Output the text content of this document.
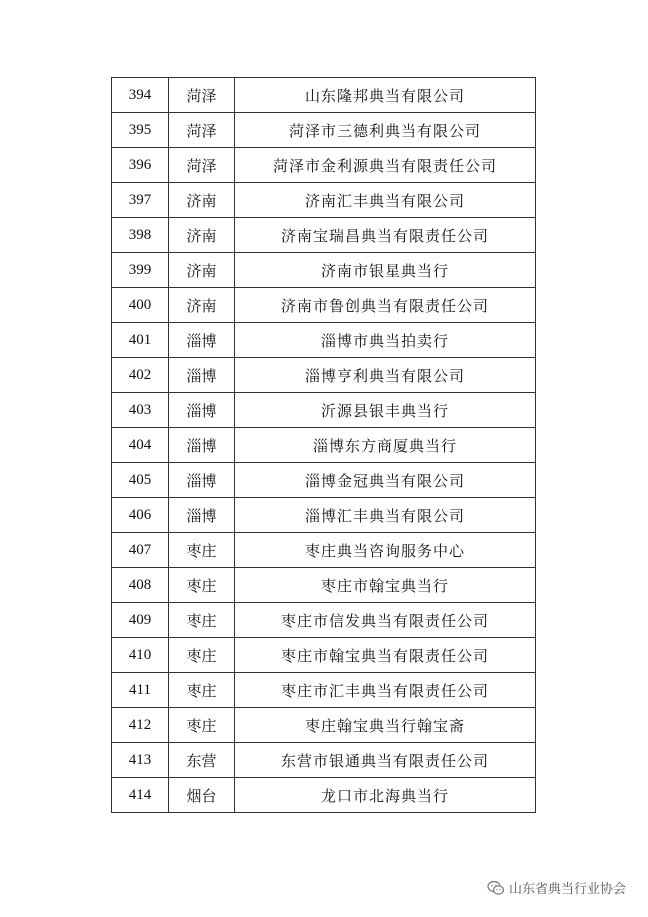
394	菏泽	山东隆邦典当有限公司
395	菏泽	菏泽市三德利典当有限公司
396	菏泽	菏泽市金利源典当有限责任公司
397	济南	济南汇丰典当有限公司
398	济南	济南宝瑞昌典当有限责任公司
399	济南	济南市银星典当行
400	济南	济南市鲁创典当有限责任公司
401	淄博	淄博市典当拍卖行
402	淄博	淄博亨利典当有限公司
403	淄博	沂源县银丰典当行
404	淄博	淄博东方商厦典当行
405	淄博	淄博金冠典当有限公司
406	淄博	淄博汇丰典当有限公司
407	枣庄	枣庄典当咨询服务中心
408	枣庄	枣庄市翰宝典当行
409	枣庄	枣庄市信发典当有限责任公司
410	枣庄	枣庄市翰宝典当有限责任公司
411	枣庄	枣庄市汇丰典当有限责任公司
412	枣庄	枣庄翰宝典当行翰宝斋
413	东营	东营市银通典当有限责任公司
414	烟台	龙口市北海典当行
山东省典当行业协会
